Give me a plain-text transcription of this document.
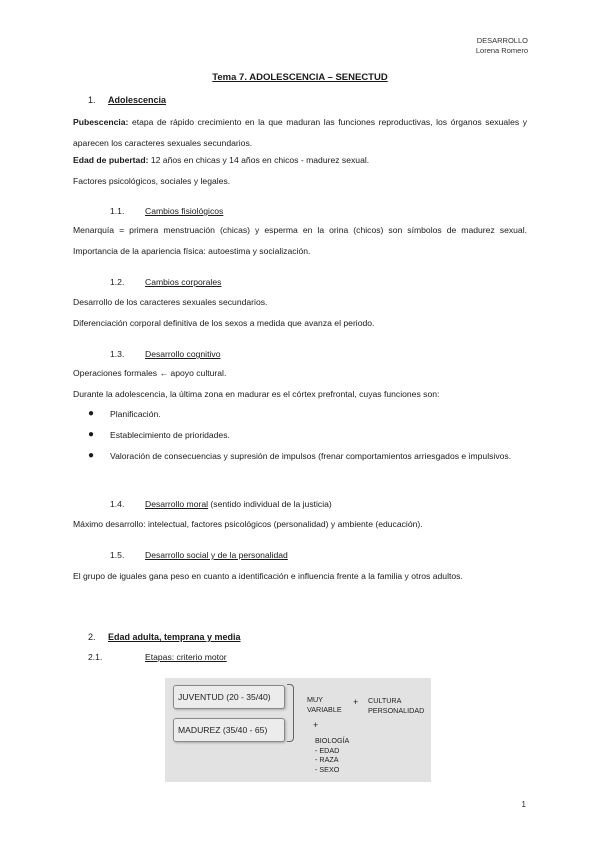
DESARROLLO
Lorena Romero
Tema 7. ADOLESCENCIA – SENECTUD
1. Adolescencia
Pubescencia: etapa de rápido crecimiento en la que maduran las funciones reproductivas, los órganos sexuales y aparecen los caracteres sexuales secundarios.
Edad de pubertad: 12 años en chicas y 14 años en chicos - madurez sexual.
Factores psicológicos, sociales y legales.
1.1. Cambios fisiológicos
Menarquía = primera menstruación (chicas) y esperma en la orina (chicos) son símbolos de madurez sexual. Importancia de la apariencia física: autoestima y socialización.
1.2. Cambios corporales
Desarrollo de los caracteres sexuales secundarios.
Diferenciación corporal definitiva de los sexos a medida que avanza el periodo.
1.3. Desarrollo cognitivo
Operaciones formales ← apoyo cultural.
Durante la adolescencia, la última zona en madurar es el córtex prefrontal, cuyas funciones son:
● Planificación.
● Establecimiento de prioridades.
● Valoración de consecuencias y supresión de impulsos (frenar comportamientos arriesgados e impulsivos.
1.4. Desarrollo moral (sentido individual de la justicia)
Máximo desarrollo: intelectual, factores psicológicos (personalidad) y ambiente (educación).
1.5. Desarrollo social y de la personalidad
El grupo de iguales gana peso en cuanto a identificación e influencia frente a la familia y otros adultos.
2. Edad adulta, temprana y media
2.1.	Etapas: criterio motor
JUVENTUD (20 - 35/40)
MADUREZ (35/40 - 65)
MUY
VARIABLE
+ CULTURA
PERSONALIDAD
+
BIOLOGÍA
- EDAD
- RAZA
- SEXO
1
